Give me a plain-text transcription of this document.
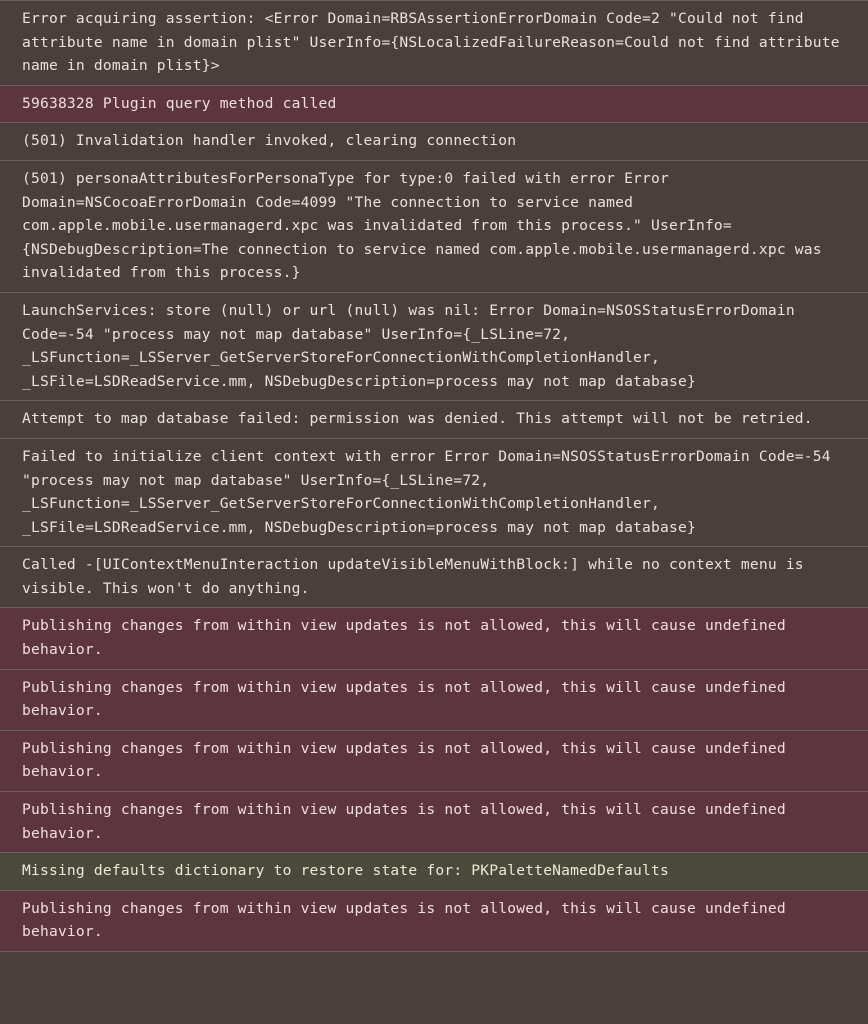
Error acquiring assertion: <Error Domain=RBSAssertionErrorDomain Code=2 "Could not find attribute name in domain plist" UserInfo={NSLocalizedFailureReason=Could not find attribute name in domain plist}>
59638328 Plugin query method called
(501) Invalidation handler invoked, clearing connection
(501) personaAttributesForPersonaType for type:0 failed with error Error Domain=NSCocoaErrorDomain Code=4099 "The connection to service named com.apple.mobile.usermanagerd.xpc was invalidated from this process." UserInfo={NSDebugDescription=The connection to service named com.apple.mobile.usermanagerd.xpc was invalidated from this process.}
LaunchServices: store (null) or url (null) was nil: Error Domain=NSOSStatusErrorDomain Code=-54 "process may not map database" UserInfo={_LSLine=72, _LSFunction=_LSServer_GetServerStoreForConnectionWithCompletionHandler, _LSFile=LSDReadService.mm, NSDebugDescription=process may not map database}
Attempt to map database failed: permission was denied. This attempt will not be retried.
Failed to initialize client context with error Error Domain=NSOSStatusErrorDomain Code=-54 "process may not map database" UserInfo={_LSLine=72, _LSFunction=_LSServer_GetServerStoreForConnectionWithCompletionHandler, _LSFile=LSDReadService.mm, NSDebugDescription=process may not map database}
Called -[UIContextMenuInteraction updateVisibleMenuWithBlock:] while no context menu is visible. This won't do anything.
Publishing changes from within view updates is not allowed, this will cause undefined behavior.
Publishing changes from within view updates is not allowed, this will cause undefined behavior.
Publishing changes from within view updates is not allowed, this will cause undefined behavior.
Publishing changes from within view updates is not allowed, this will cause undefined behavior.
Missing defaults dictionary to restore state for: PKPaletteNamedDefaults
Publishing changes from within view updates is not allowed, this will cause undefined behavior.
